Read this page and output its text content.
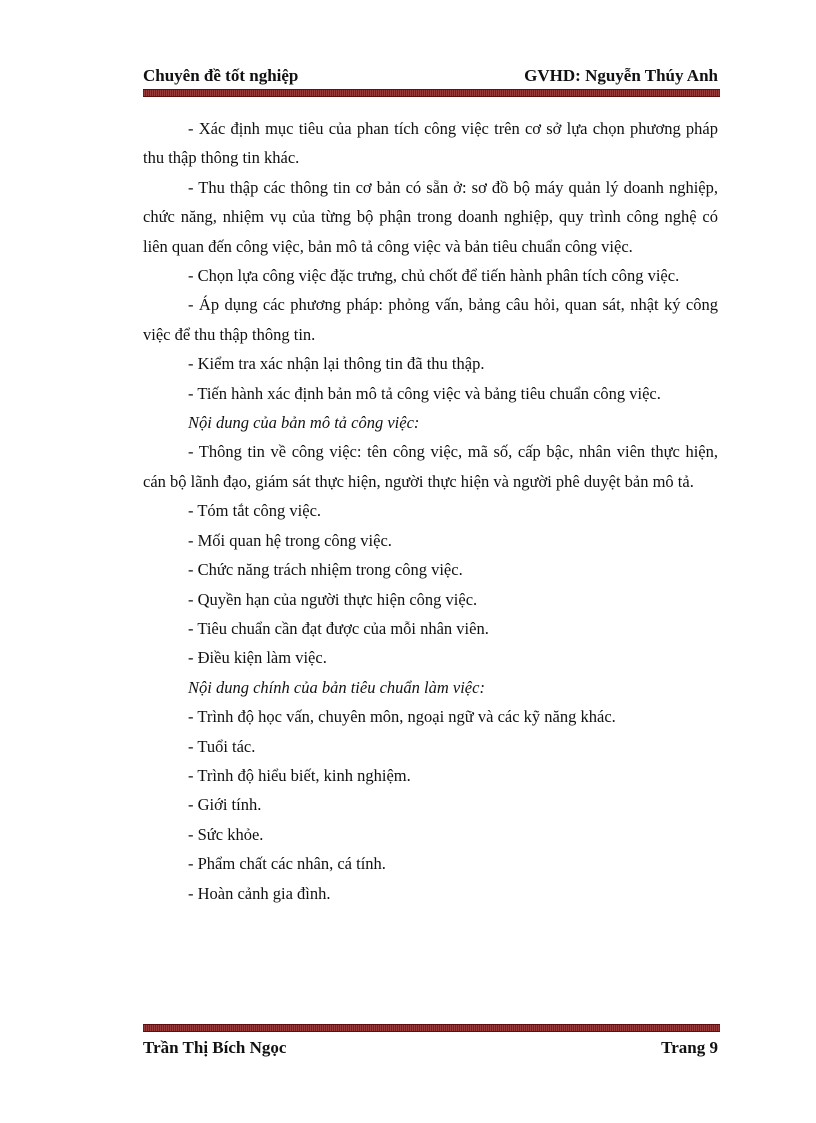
Chuyên đề tốt nghiệp	GVHD: Nguyễn Thúy Anh

- Xác định mục tiêu của phan tích công việc trên cơ sở lựa chọn phương pháp thu thập thông tin khác.

- Thu thập các thông tin cơ bản có sẵn ở: sơ đồ bộ máy quản lý doanh nghiệp, chức năng, nhiệm vụ của từng bộ phận trong doanh nghiệp, quy trình công nghệ có liên quan đến công việc, bản mô tả công việc và bản tiêu chuẩn công việc.

- Chọn lựa công việc đặc trưng, chủ chốt để tiến hành phân tích công việc.

- Áp dụng các phương pháp: phỏng vấn, bảng câu hỏi, quan sát, nhật ký công việc để thu thập thông tin.

- Kiểm tra xác nhận lại thông tin đã thu thập.

- Tiến hành xác định bản mô tả công việc và bảng tiêu chuẩn công việc.

Nội dung của bản mô tả công việc:

- Thông tin về công việc: tên công việc, mã số, cấp bậc, nhân viên thực hiện, cán bộ lãnh đạo, giám sát thực hiện, người thực hiện và người phê duyệt bản mô tả.

- Tóm tắt công việc.

- Mối quan hệ trong công việc.

- Chức năng trách nhiệm trong công việc.

- Quyền hạn của người thực hiện công việc.

- Tiêu chuẩn cần đạt được của mỗi nhân viên.

- Điều kiện làm việc.

Nội dung chính của bản tiêu chuẩn làm việc:

- Trình độ học vấn, chuyên môn, ngoại ngữ và các kỹ năng khác.

- Tuổi tác.

- Trình độ hiểu biết, kinh nghiệm.

- Giới tính.

- Sức khỏe.

- Phẩm chất các nhân, cá tính.

- Hoàn cảnh gia đình.

Trần Thị Bích Ngọc	Trang 9
